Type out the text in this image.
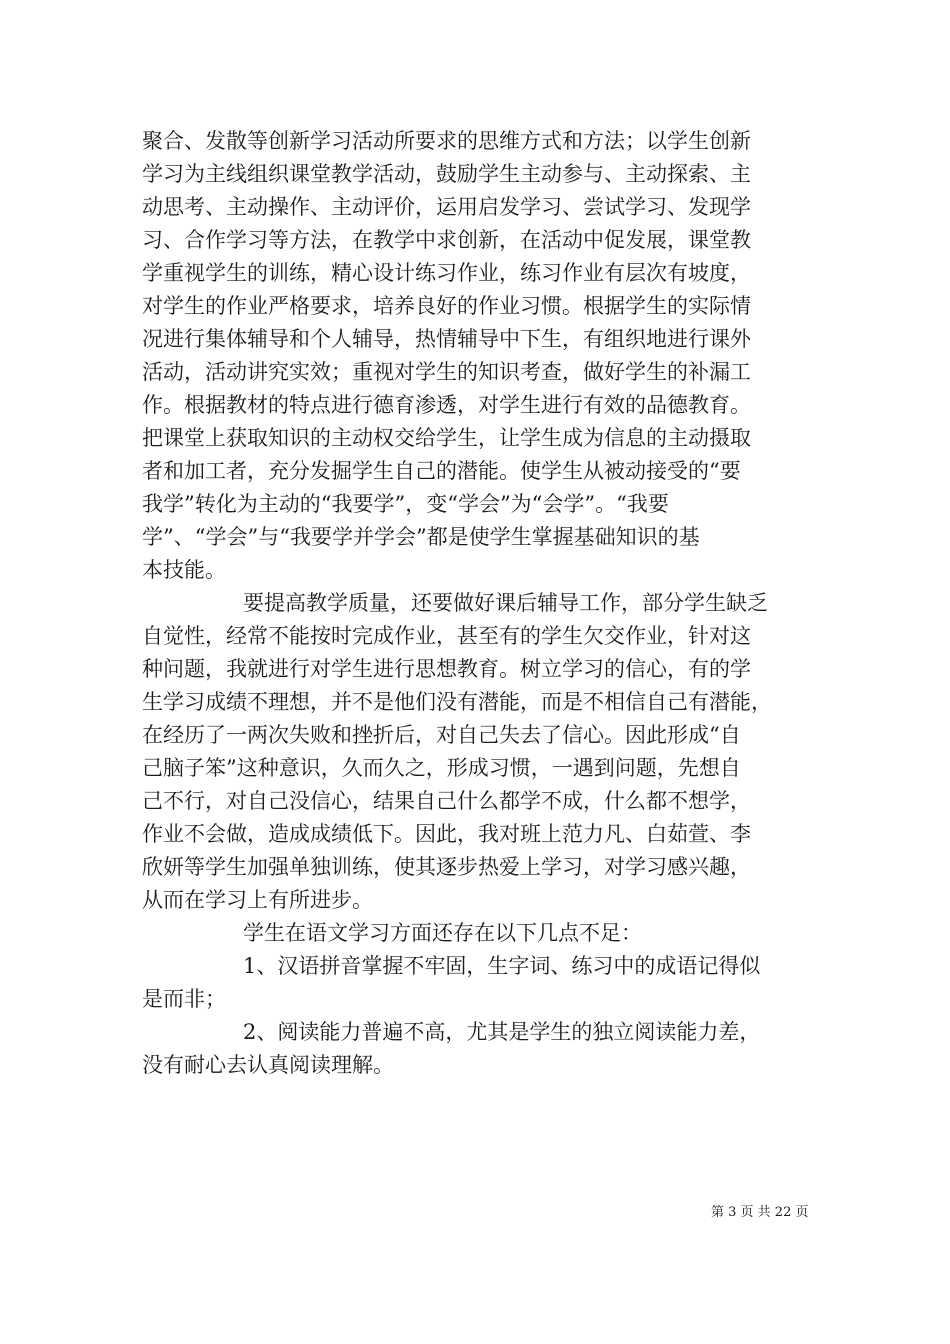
聚合、发散等创新学习活动所要求的思维方式和方法；以学生创新
学习为主线组织课堂教学活动，鼓励学生主动参与、主动探索、主
动思考、主动操作、主动评价，运用启发学习、尝试学习、发现学
习、合作学习等方法，在教学中求创新，在活动中促发展，课堂教
学重视学生的训练，精心设计练习作业，练习作业有层次有坡度，
对学生的作业严格要求，培养良好的作业习惯。根据学生的实际情
况进行集体辅导和个人辅导，热情辅导中下生，有组织地进行课外
活动，活动讲究实效；重视对学生的知识考查，做好学生的补漏工
作。根据教材的特点进行德育渗透，对学生进行有效的品德教育。
把课堂上获取知识的主动权交给学生，让学生成为信息的主动摄取
者和加工者，充分发掘学生自己的潜能。使学生从被动接受的“要
我学”转化为主动的“我要学”，变“学会”为“会学”。“我要
学”、“学会”与“我要学并学会”都是使学生掌握基础知识的基
本技能。
要提高教学质量，还要做好课后辅导工作，部分学生缺乏
自觉性，经常不能按时完成作业，甚至有的学生欠交作业，针对这
种问题，我就进行对学生进行思想教育。树立学习的信心，有的学
生学习成绩不理想，并不是他们没有潜能，而是不相信自己有潜能，
在经历了一两次失败和挫折后，对自己失去了信心。因此形成“自
己脑子笨”这种意识，久而久之，形成习惯，一遇到问题，先想自
己不行，对自己没信心，结果自己什么都学不成，什么都不想学，
作业不会做，造成成绩低下。因此，我对班上范力凡、白茹萱、李
欣妍等学生加强单独训练，使其逐步热爱上学习，对学习感兴趣，
从而在学习上有所进步。
学生在语文学习方面还存在以下几点不足：
1、汉语拼音掌握不牢固，生字词、练习中的成语记得似
是而非；
2、阅读能力普遍不高，尤其是学生的独立阅读能力差，
没有耐心去认真阅读理解。
第 3 页 共 22 页
